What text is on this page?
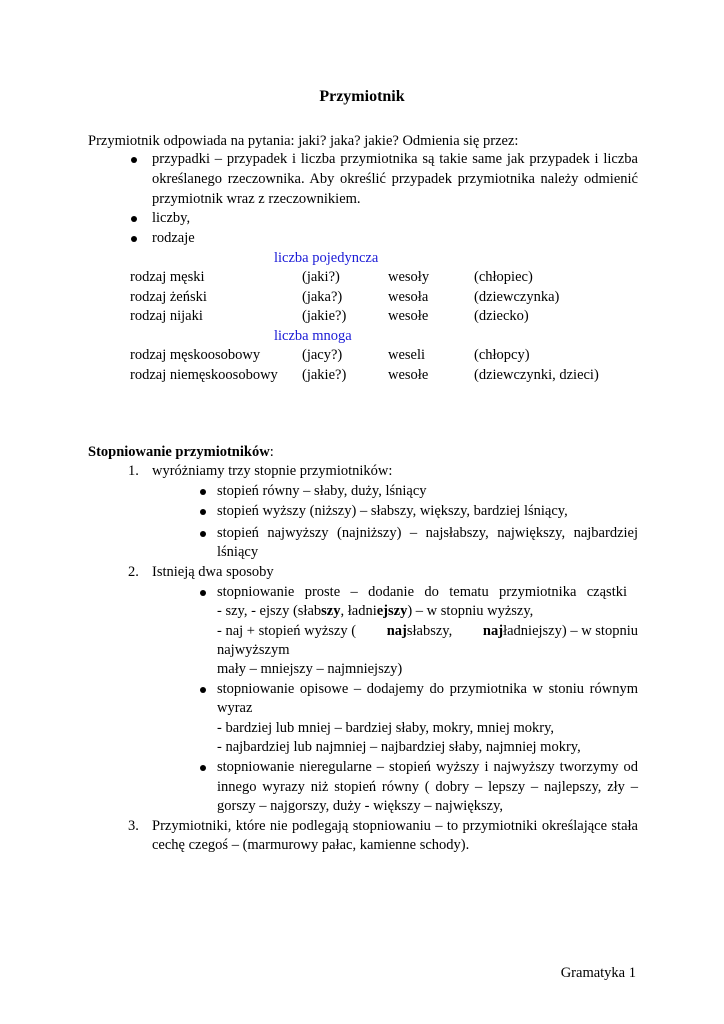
Przymiotnik
Przymiotnik odpowiada na pytania: jaki? jaka? jakie? Odmienia się przez:
przypadki – przypadek i liczba przymiotnika są takie same jak przypadek i liczba
określanego rzeczownika. Aby określić przypadek przymiotnika należy odmienić
przymiotnik wraz z rzeczownikiem.
liczby,
rodzaje
liczba pojedyncza
rodzaj męski	(jaki?)	wesoły	(chłopiec)
rodzaj żeński	(jaka?)	wesoła	(dziewczynka)
rodzaj nijaki	(jakie?)	wesołe	(dziecko)
liczba mnoga
rodzaj męskoosobowy	(jacy?)	weseli	(chłopcy)
rodzaj niemęskoosobowy (jakie?)	wesołe	(dziewczynki, dzieci)
Stopniowanie przymiotników:
1. wyróżniamy trzy stopnie przymiotników:
stopień równy – słaby, duży, lśniący
stopień wyższy (niższy) – słabszy, większy, bardziej lśniący,
stopień najwyższy (najniższy) – najsłabszy, największy, najbardziej
lśniący
2. Istnieją dwa sposoby
stopniowanie proste – dodanie do tematu przymiotnika cząstki
- szy, - ejszy (słabszy, ładniejszy) – w stopniu wyższy,
- naj + stopień wyższy ( najsłabszy, najładniejszy) – w stopniu
najwyższym
mały – mniejszy – najmniejszy)
stopniowanie opisowe – dodajemy do przymiotnika w stoniu równym
wyraz
- bardziej lub mniej – bardziej słaby, mokry, mniej mokry,
- najbardziej lub najmniej – najbardziej słaby, najmniej mokry,
stopniowanie nieregularne – stopień wyższy i najwyższy tworzymy od
innego wyrazy niż stopień równy ( dobry – lepszy – najlepszy, zły –
gorszy – najgorszy, duży - większy – największy,
3. Przymiotniki, które nie podlegają stopniowaniu – to przymiotniki określające stała
cechę czegoś – (marmurowy pałac, kamienne schody).
Gramatyka 1
